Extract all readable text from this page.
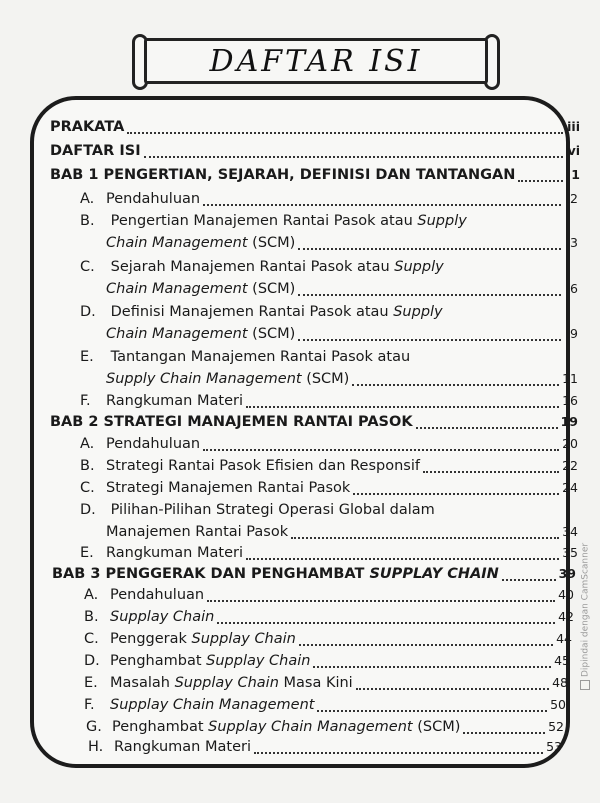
DAFTAR ISI
PRAKATA	iii
DAFTAR ISI	vi
BAB 1 PENGERTIAN, SEJARAH, DEFINISI DAN TANTANGAN	1
A. Pendahuluan	2
B. Pengertian Manajemen Rantai Pasok atau Supply
Chain Management
(SCM)	3
C. Sejarah Manajemen Rantai Pasok atau Supply
Chain Management
(SCM)	6
D. Definisi Manajemen Rantai Pasok atau Supply
Chain Management
(SCM)	9
E. Tantangan Manajemen Rantai Pasok atau
Supply Chain Management
(SCM)	11
F.	Rangkuman Materi	16
BAB 2 STRATEGI MANAJEMEN RANTAI PASOK	19
A. Pendahuluan	20
B. Strategi Rantai Pasok Efisien dan Responsif	22
C. Strategi Manajemen Rantai Pasok	24
D. Pilihan-Pilihan Strategi Operasi Global dalam
Manajemen Rantai Pasok	34
E. Rangkuman Materi	35
BAB 3 PENGGERAK DAN PENGHAMBAT
SUPPLAY CHAIN	39
A. Pendahuluan	40
B. Supplay Chain	42
C. Penggerak
Supplay Chain	44
D. Penghambat
Supplay Chain	45
E. Masalah
Supplay Chain
Masa Kini	48
F.	Supplay Chain Management	50
G. Penghambat
Supplay Chain Management
(SCM)	52
H. Rangkuman Materi	53
Dipindai dengan CamScanner
